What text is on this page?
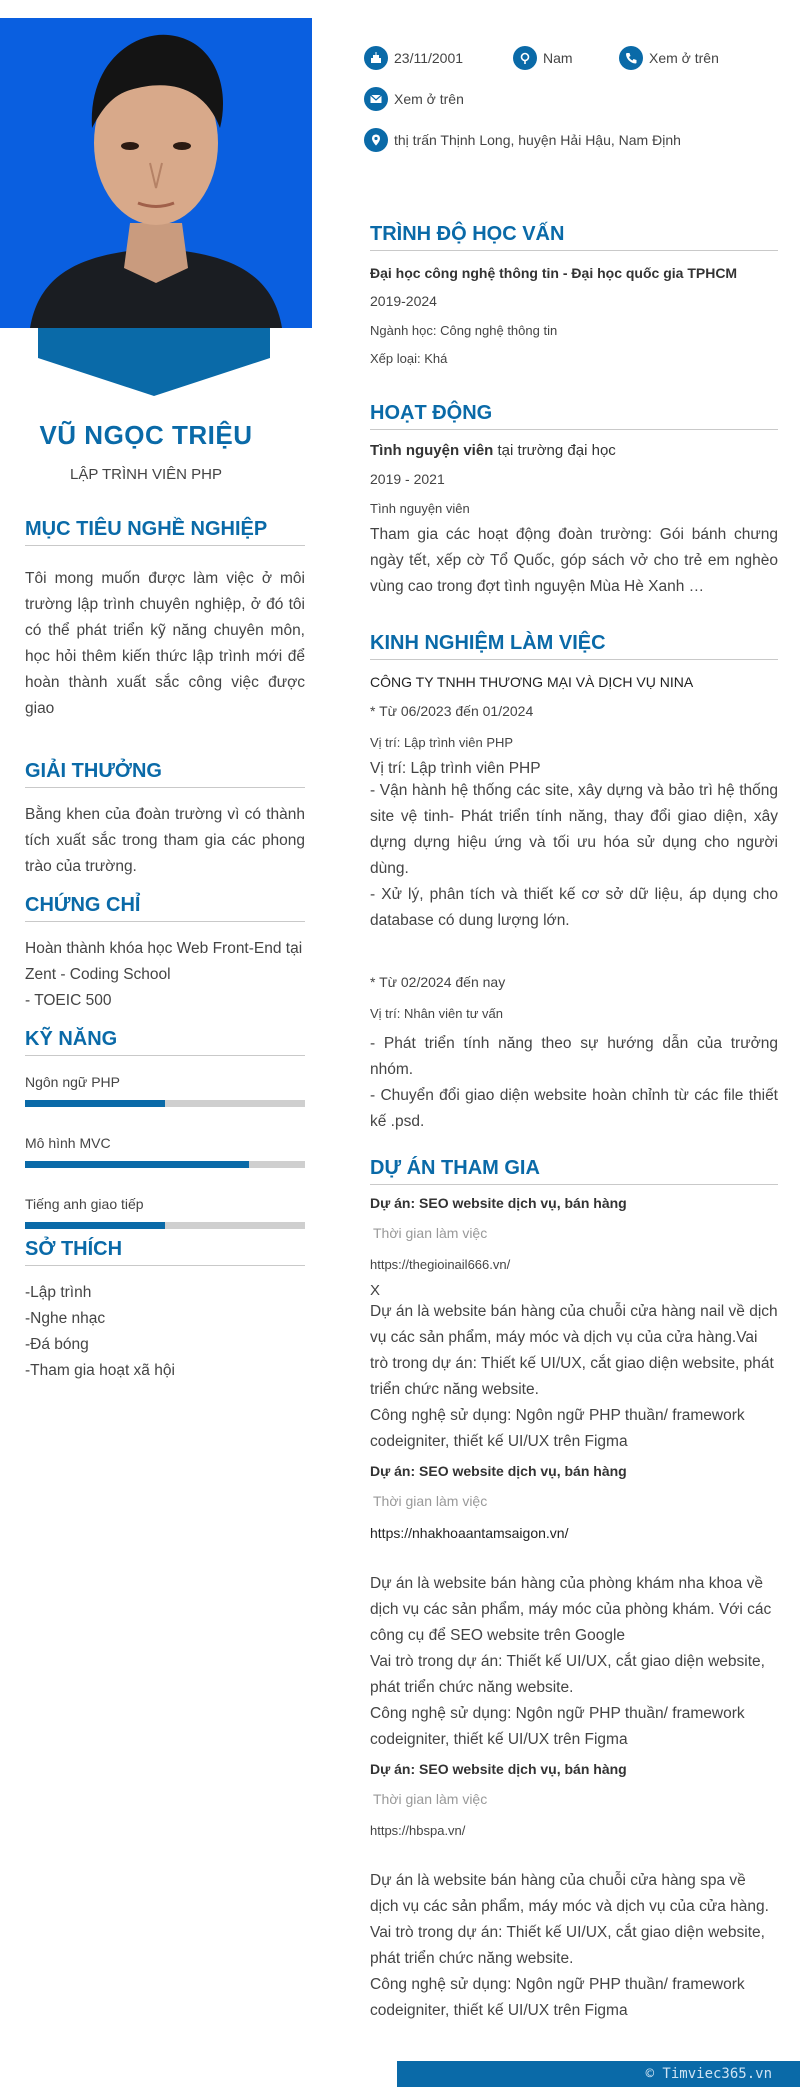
VŨ NGỌC TRIỆU
LẬP TRÌNH VIÊN PHP
MỤC TIÊU NGHỀ NGHIỆP
Tôi mong muốn được làm việc ở môi trường lập trình chuyên nghiệp, ở đó tôi có thể phát triển kỹ năng chuyên môn, học hỏi thêm kiến thức lập trình mới để hoàn thành xuất sắc công việc được giao
GIẢI THƯỞNG
Bằng khen của đoàn trường vì có thành tích xuất sắc trong tham gia các phong trào của trường.
CHỨNG CHỈ
Hoàn thành khóa học Web Front-End tại Zent - Coding School
- TOEIC 500
KỸ NĂNG
Ngôn ngữ PHP
Mô hình MVC
Tiếng anh giao tiếp
SỞ THÍCH
-Lập trình
-Nghe nhạc
-Đá bóng
-Tham gia hoạt xã hội
23/11/2001	Nam	Xem ở trên
Xem ở trên
thị trấn Thịnh Long, huyện Hải Hậu, Nam Định
TRÌNH ĐỘ HỌC VẤN
Đại học công nghệ thông tin - Đại học quốc gia TPHCM
2019-2024
Ngành học: Công nghệ thông tin
Xếp loại: Khá
HOẠT ĐỘNG
Tình nguyện viên tại trường đại học
2019 - 2021
Tình nguyện viên
Tham gia các hoạt động đoàn trường: Gói bánh chưng ngày tết, xếp cờ Tổ Quốc, góp sách vở cho trẻ em nghèo vùng cao trong đợt tình nguyện Mùa Hè Xanh …
KINH NGHIỆM LÀM VIỆC
CÔNG TY TNHH THƯƠNG MẠI VÀ DỊCH VỤ NINA
* Từ 06/2023 đến 01/2024
Vị trí: Lập trình viên PHP
Vị trí: Lập trình viên PHP
- Vận hành hệ thống các site, xây dựng và bảo trì hệ thống site vệ tinh- Phát triển tính năng, thay đổi giao diện, xây dựng dựng hiệu ứng và tối ưu hóa sử dụng cho người dùng.
- Xử lý, phân tích và thiết kế cơ sở dữ liệu, áp dụng cho database có dung lượng lớn.
* Từ 02/2024 đến nay
Vị trí: Nhân viên tư vấn
- Phát triển tính năng theo sự hướng dẫn của trưởng nhóm.
- Chuyển đổi giao diện website hoàn chỉnh từ các file thiết kế .psd.
DỰ ÁN THAM GIA
Dự án: SEO website dịch vụ, bán hàng
Thời gian làm việc
https://thegioinail666.vn/
X
Dự án là website bán hàng của chuỗi cửa hàng nail về dịch vụ các sản phẩm, máy móc và dịch vụ của cửa hàng.Vai trò trong dự án: Thiết kế UI/UX, cắt giao diện website, phát triển chức năng website.
Công nghệ sử dụng: Ngôn ngữ PHP thuần/ framework codeigniter, thiết kế UI/UX trên Figma
Dự án: SEO website dịch vụ, bán hàng
Thời gian làm việc
https://nhakhoaantamsaigon.vn/
Dự án là website bán hàng của phòng khám nha khoa về dịch vụ các sản phẩm, máy móc của phòng khám. Với các công cụ để SEO website trên Google
Vai trò trong dự án: Thiết kế UI/UX, cắt giao diện website, phát triển chức năng website.
Công nghệ sử dụng: Ngôn ngữ PHP thuần/ framework codeigniter, thiết kế UI/UX trên Figma
Dự án: SEO website dịch vụ, bán hàng
Thời gian làm việc
https://hbspa.vn/
Dự án là website bán hàng của chuỗi cửa hàng spa về dịch vụ các sản phẩm, máy móc và dịch vụ của cửa hàng. Vai trò trong dự án: Thiết kế UI/UX, cắt giao diện website, phát triển chức năng website.
Công nghệ sử dụng: Ngôn ngữ PHP thuần/ framework codeigniter, thiết kế UI/UX trên Figma
© Timviec365.vn
